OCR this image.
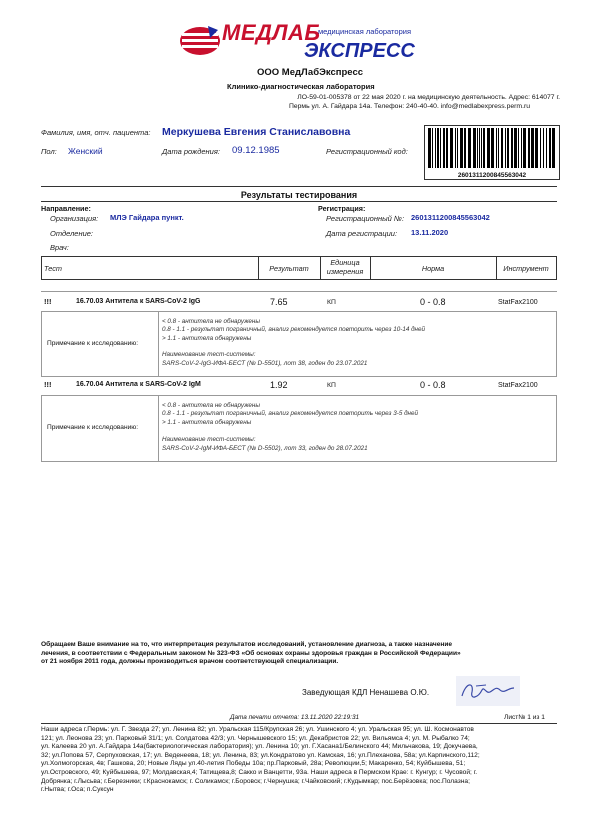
МЕДЛАБ
медицинская лаборатория
ЭКСПРЕСС
ООО МедЛабЭкспресс
Клинико-диагностическая лаборатория
ЛО-59-01-005378 от 22 мая 2020 г. на медицинскую деятельность. Адрес: 614077 г.
Пермь ул. А. Гайдара 14а. Телефон: 240-40-40. info@medlabexpress.perm.ru
Фамилия, имя, отч. пациента: Меркушева Евгения Станиславовна
Пол: Женский	Дата рождения: 09.12.1985	Регистрационный код:
2601311200845563042
Результаты тестирования
Направление:
Организация: МЛЭ Гайдара пункт.
Отделение:
Врач:
Регистрация:
Регистрационный №: 2601311200845563042
Дата регистрации: 13.11.2020
Тест	Результат
Единица
измерения	Норма	Инструмент
!!!	16.70.03 Антитела к SARS-CoV-2 IgG	7.65	КП	0 - 0.8	StatFax2100
Примечание к исследованию:
< 0.8 - антитела не обнаружены
0.8 - 1.1 - результат пограничный, анализ рекомендуется повторить через 10-14 дней
> 1.1 - антитела обнаружены
Наименование тест-системы:
SARS-CoV-2-IgG-ИФА-БЕСТ (№ D-5501), лот 38, годен до 23.07.2021
!!!	16.70.04 Антитела к SARS-CoV-2 IgM	1.92	КП	0 - 0.8	StatFax2100
Примечание к исследованию:
< 0.8 - антитела не обнаружены
0.8 - 1.1 - результат пограничный, анализ рекомендуется повторить через 3-5 дней
> 1.1 - антитела обнаружены
Наименование тест-системы:
SARS-CoV-2-IgM-ИФА-БЕСТ (№ D-5502), лот 33, годен до 28.07.2021
Обращаем Ваше внимание на то, что интерпретация результатов исследований, установление диагноза, а также назначение
лечения, в соответствии с Федеральным законом № 323-ФЗ «Об основах охраны здоровья граждан в Российской Федерации»
от 21 ноября 2011 года, должны производиться врачом соответствующей специализации.
Заведующая КДЛ Ненашева О.Ю.
Дата печати отчета: 13.11.2020 22:19:31	Лист№ 1 из 1
Наши адреса г.Пермь: ул. Г. Звезда 27; ул. Ленина 82; ул. Уральская 115/Крупская 26; ул. Ушинского 4; ул. Уральская 95; ул. Ш. Космонавтов
121; ул. Леонова 23; ул. Парковый 31/1; ул. Солдатова 42/3; ул. Чернышевского 15; ул. Декабристов 22; ул. Вильямса 4; ул. М. Рыбалко 74;
ул. Калеева 20 ул. А.Гайдара 14а(бактериологическая лаборатория); ул. Ленина 10; ул. Г.Хасана1/Белинского 44; Мильчакова, 19; Докучаева,
32; ул.Попова 57, Серпуховская, 17; ул. Веденеева, 18; ул. Ленина, 83; ул.Кондратово ул. Камская, 16; ул.Плеханова, 58а; ул.Карпинского,112;
ул.Холмогорская, 4в; Гашкова, 20; Новые Ляды ул.40-летия Победы 10а; пр.Парковый, 28а; Революции,5; Макаренко, 54; Куйбышева, 51;
ул.Островского, 49; Куйбышева, 97; Молдавская,4; Татищева,8; Сакко и Ванцетти, 93а. Наши адреса в Пермском Крае: г. Кунгур; г. Чусовой; г.
Добрянка; г.Лысьва; г.Березники; г.Краснокамск; г. Соликамск; г.Боровск; г.Чернушка; г.Чайковский; г.Кудымкар; пос.Берёзовка; пос.Полазна;
г.Нытва; г.Оса; п.Суксун
